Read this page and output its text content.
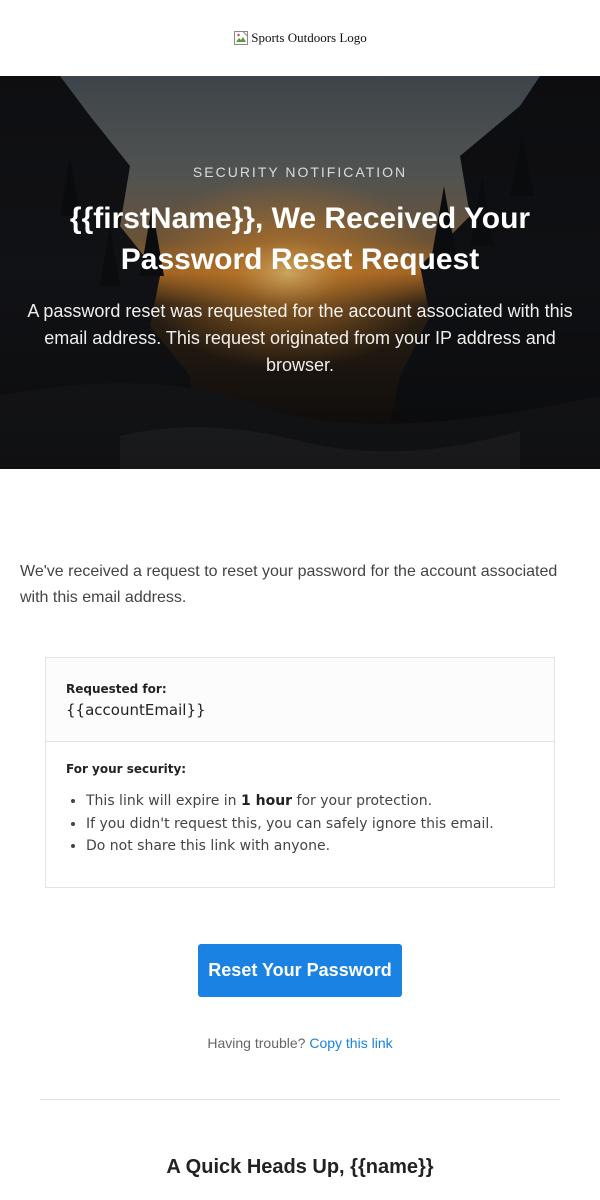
Sports Outdoors Logo
SECURITY NOTIFICATION
{{firstName}}, We Received Your Password Reset Request
A password reset was requested for the account associated with this email address. This request originated from your IP address and browser.

We've received a request to reset your password for the account associated with this email address.

Requested for:
{{accountEmail}}
For your security:
• This link will expire in 1 hour for your protection.
• If you didn't request this, you can safely ignore this email.
• Do not share this link with anyone.
Reset Your Password
Having trouble? Copy this link
A Quick Heads Up, {{name}}
